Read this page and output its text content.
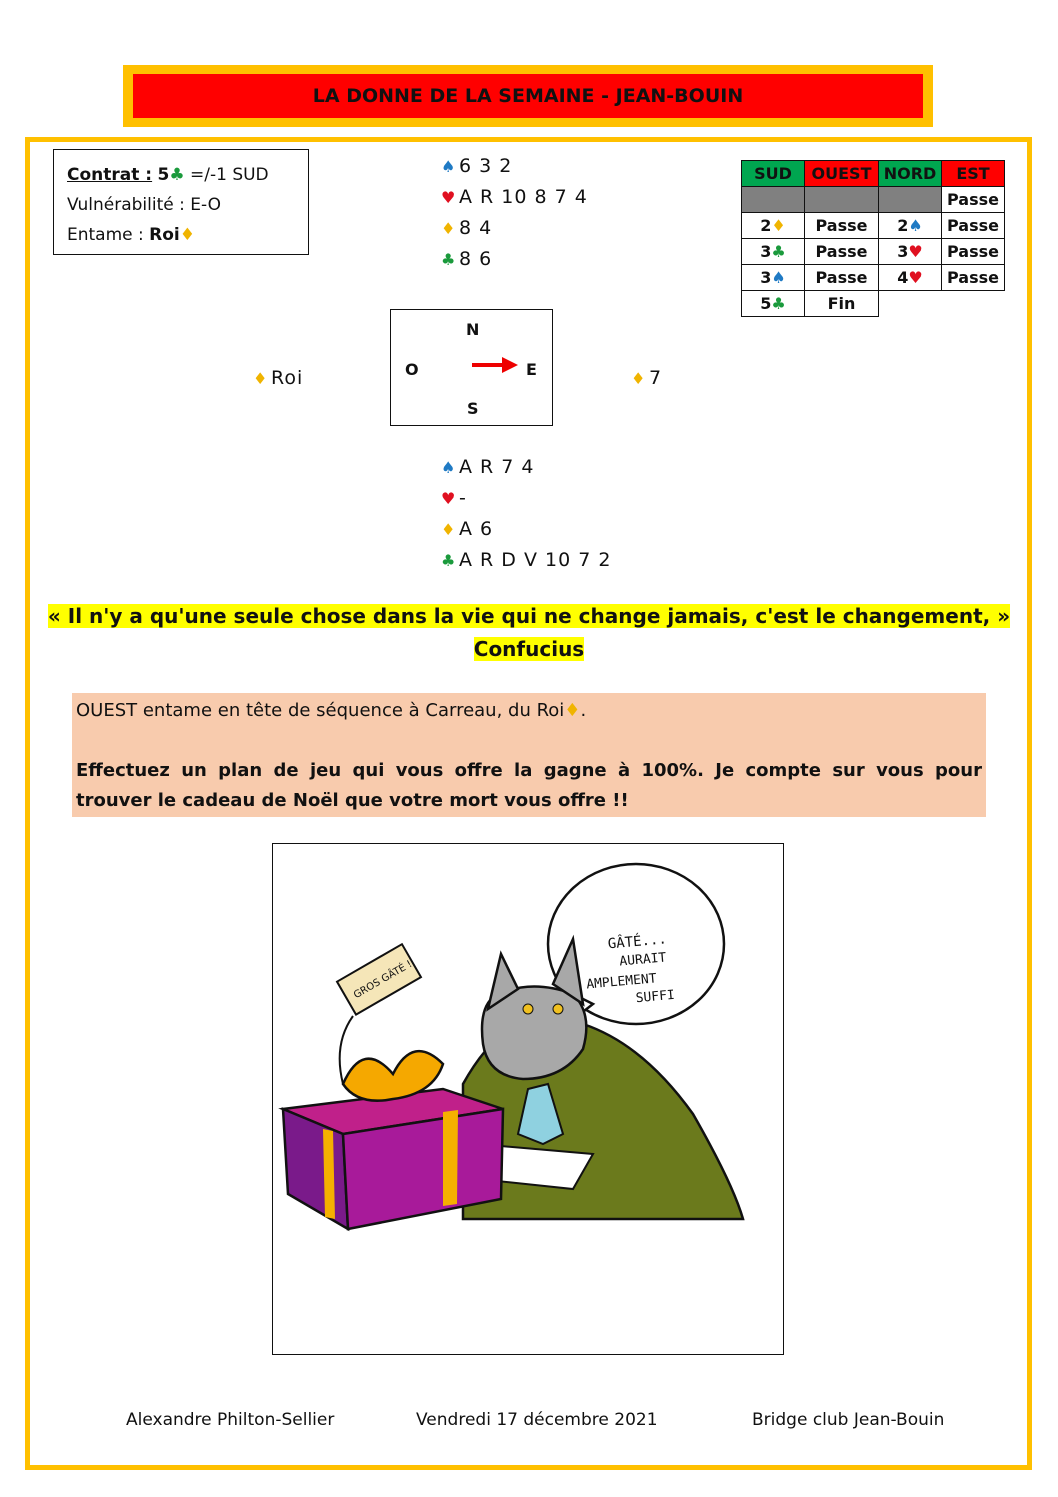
LA DONNE DE LA SEMAINE - JEAN-BOUIN
Contrat : 5♣ =/-1 SUD
Vulnérabilité : E-O
Entame : Roi♦
♠ 6 3 2
♥ A R 10 8 7 4
♦ 8 4
♣ 8 6
♦ Roi	♦ 7
N
O	E
S
♠ A R 7 4
♥ -
♦ A 6
♣ A R D V 10 7 2
SUD	OUEST	NORD	EST
			Passe
2♦	Passe	2♠	Passe
3♣	Passe	3♥	Passe
3♠	Passe	4♥	Passe
5♣	Fin		
« Il n'y a qu'une seule chose dans la vie qui ne change jamais, c'est le changement, »
Confucius
OUEST entame en tête de séquence à Carreau, du Roi♦.
Effectuez un plan de jeu qui vous offre la gagne à 100%. Je compte sur vous pour trouver le cadeau de Noël que votre mort vous offre !!
GÂTÉ...
AURAIT
AMPLEMENT
SUFFI
GROS GÂTÉ !
Alexandre Philton-Sellier	Vendredi 17 décembre 2021	Bridge club Jean-Bouin
